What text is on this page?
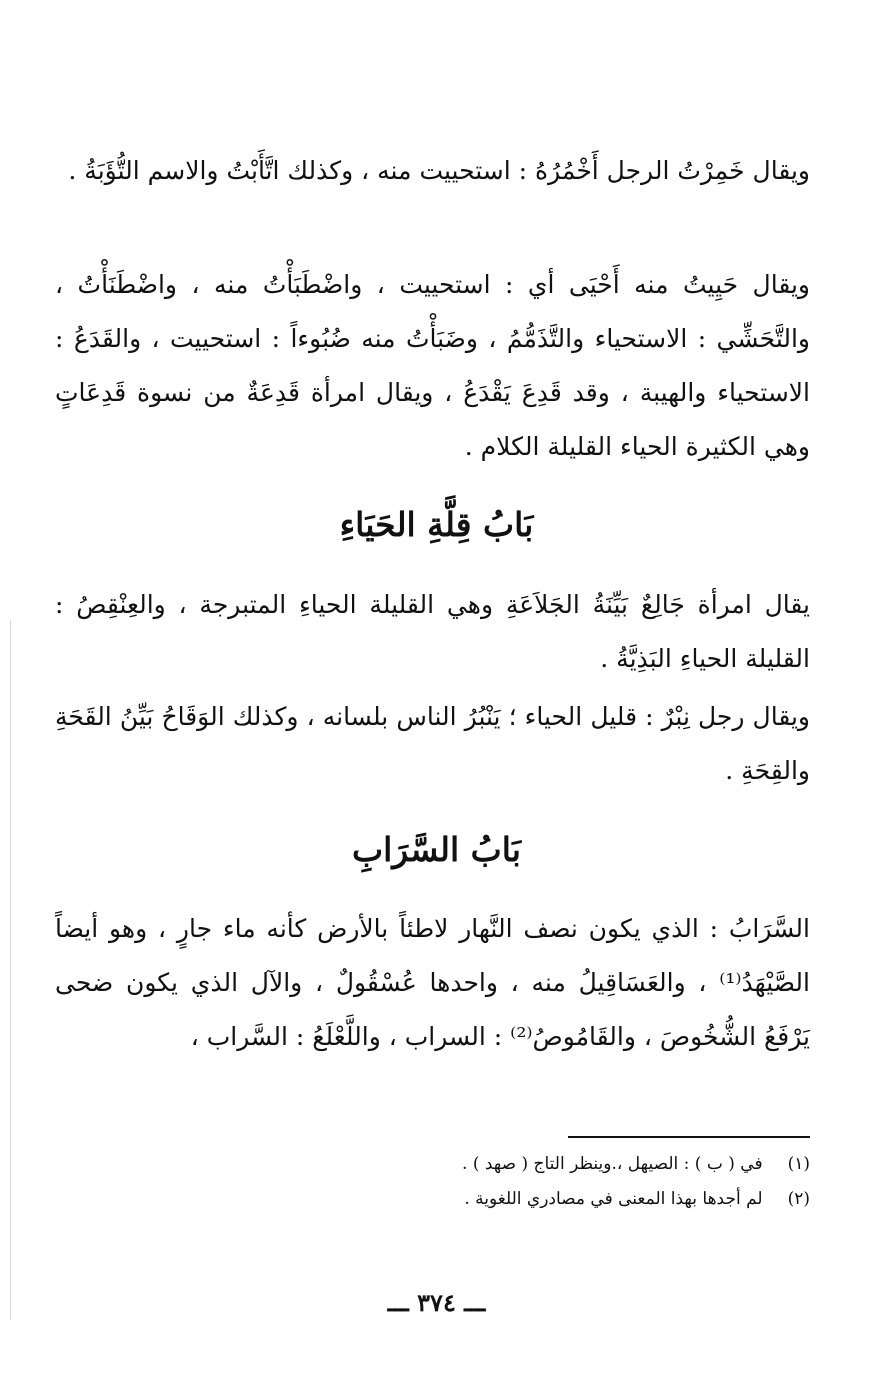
ويقال خَمِرْتُ الرجل أَخْمُرُهُ : استحييت منه ، وكذلك اتَّأَبْتُ والاسم التُّؤَبَةُ .

ويقال حَيِيتُ منه أَحْيَى أي : استحييت ، واضْطَبَأْتُ منه ، واضْطَنَأْتُ ، والتَّحَشِّي : الاستحياء والتَّذَمُّمُ ، وضَبَأْتُ منه ضُبُوءاً : استحييت ، والقَدَعُ : الاستحياء والهيبة ، وقد قَدِعَ يَقْدَعُ ، ويقال امرأة قَدِعَةٌ من نسوة قَدِعَاتٍ وهي الكثيرة الحياء القليلة الكلام .

بَابُ قِلَّةِ الحَيَاءِ

يقال امرأة جَالِعٌ بَيِّنَةُ الجَلاَعَةِ وهي القليلة الحياءِ المتبرجة ، والعِنْقِصُ : القليلة الحياءِ البَذِيَّةُ .

ويقال رجل نِبْرٌ : قليل الحياء ؛ يَنْبُرُ الناس بلسانه ، وكذلك الوَقَاحُ بَيِّنُ القَحَةِ والقِحَةِ .

بَابُ السَّرَابِ

السَّرَابُ : الذي يكون نصف النَّهار لاطئاً بالأرض كأنه ماء جارٍ ، وهو أيضاً الصَّيْهَدُ⁽¹⁾ ، والعَسَاقِيلُ منه ، واحدها عُسْقُولٌ ، والآل الذي يكون ضحى يَرْفَعُ الشُّخُوصَ ، والقَامُوصُ⁽²⁾ : السراب ، واللَّعْلَعُ : السَّراب ،

(١) في ( ب ) : الصيهل ،.وينظر التاج ( صهد ) .

(٢) لم أجدها بهذا المعنى في مصادري اللغوية .

ـــ ٣٧٤ ـــ
